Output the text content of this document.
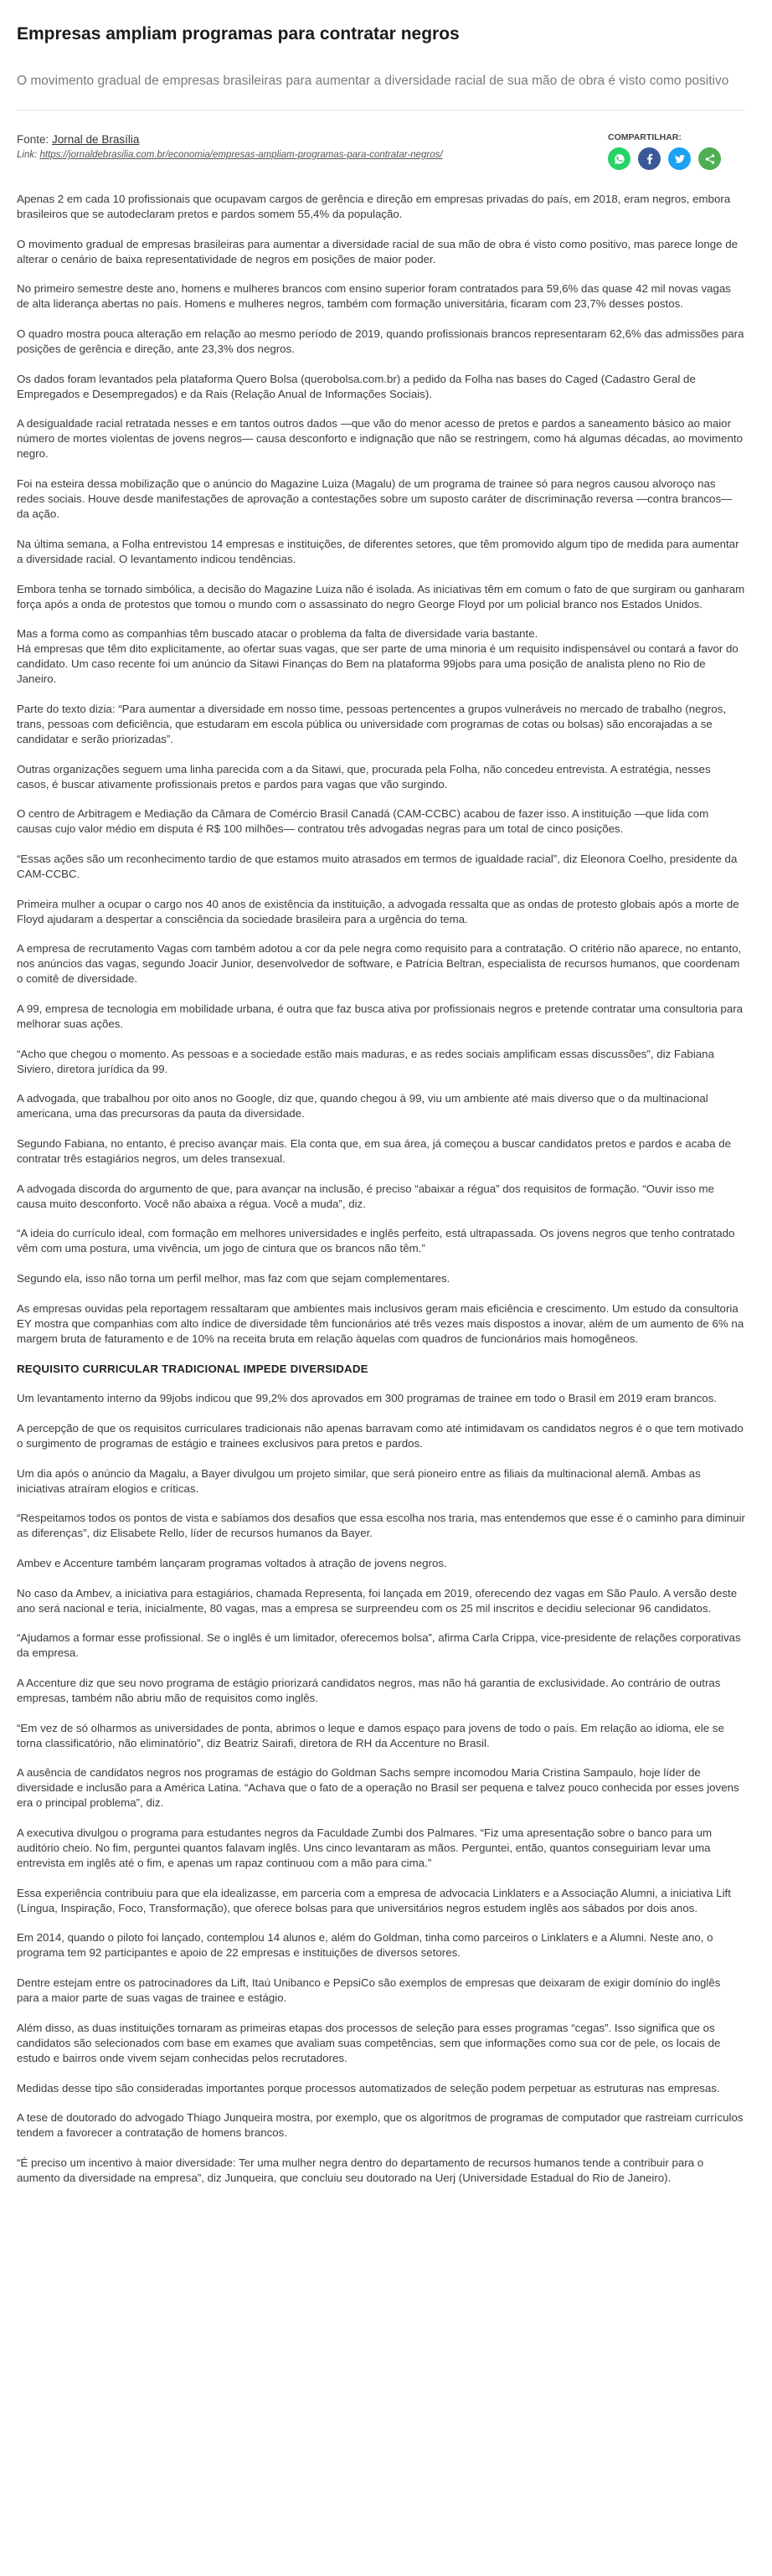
Empresas ampliam programas para contratar negros
O movimento gradual de empresas brasileiras para aumentar a diversidade racial de sua mão de obra é visto como positivo
Fonte: Jornal de Brasília
Link: https://jornaldebrasilia.com.br/economia/empresas-ampliam-programas-para-contratar-negros/
COMPARTILHAR:

Apenas 2 em cada 10 profissionais que ocupavam cargos de gerência e direção em empresas privadas do país, em 2018, eram negros, embora brasileiros que se autodeclaram pretos e pardos somem 55,4% da população.

O movimento gradual de empresas brasileiras para aumentar a diversidade racial de sua mão de obra é visto como positivo, mas parece longe de alterar o cenário de baixa representatividade de negros em posições de maior poder.

No primeiro semestre deste ano, homens e mulheres brancos com ensino superior foram contratados para 59,6% das quase 42 mil novas vagas de alta liderança abertas no país. Homens e mulheres negros, também com formação universitária, ficaram com 23,7% desses postos.

O quadro mostra pouca alteração em relação ao mesmo período de 2019, quando profissionais brancos representaram 62,6% das admissões para posições de gerência e direção, ante 23,3% dos negros.

Os dados foram levantados pela plataforma Quero Bolsa (querobolsa.com.br) a pedido da Folha nas bases do Caged (Cadastro Geral de Empregados e Desempregados) e da Rais (Relação Anual de Informações Sociais).

A desigualdade racial retratada nesses e em tantos outros dados —que vão do menor acesso de pretos e pardos a saneamento básico ao maior número de mortes violentas de jovens negros— causa desconforto e indignação que não se restringem, como há algumas décadas, ao movimento negro.

Foi na esteira dessa mobilização que o anúncio do Magazine Luiza (Magalu) de um programa de trainee só para negros causou alvoroço nas redes sociais. Houve desde manifestações de aprovação a contestações sobre um suposto caráter de discriminação reversa —contra brancos— da ação.

Na última semana, a Folha entrevistou 14 empresas e instituições, de diferentes setores, que têm promovido algum tipo de medida para aumentar a diversidade racial. O levantamento indicou tendências.

Embora tenha se tornado simbólica, a decisão do Magazine Luiza não é isolada. As iniciativas têm em comum o fato de que surgiram ou ganharam força após a onda de protestos que tomou o mundo com o assassinato do negro George Floyd por um policial branco nos Estados Unidos.

Mas a forma como as companhias têm buscado atacar o problema da falta de diversidade varia bastante.
Há empresas que têm dito explicitamente, ao ofertar suas vagas, que ser parte de uma minoria é um requisito indispensável ou contará a favor do candidato. Um caso recente foi um anúncio da Sitawi Finanças do Bem na plataforma 99jobs para uma posição de analista pleno no Rio de Janeiro.

Parte do texto dizia: “Para aumentar a diversidade em nosso time, pessoas pertencentes a grupos vulneráveis no mercado de trabalho (negros, trans, pessoas com deficiência, que estudaram em escola pública ou universidade com programas de cotas ou bolsas) são encorajadas a se candidatar e serão priorizadas”.

Outras organizações seguem uma linha parecida com a da Sitawi, que, procurada pela Folha, não concedeu entrevista. A estratégia, nesses casos, é buscar ativamente profissionais pretos e pardos para vagas que vão surgindo.

O centro de Arbitragem e Mediação da Câmara de Comércio Brasil Canadá (CAM-CCBC) acabou de fazer isso. A instituição —que lida com causas cujo valor médio em disputa é R$ 100 milhões— contratou três advogadas negras para um total de cinco posições.

“Essas ações são um reconhecimento tardio de que estamos muito atrasados em termos de igualdade racial”, diz Eleonora Coelho, presidente da CAM-CCBC.

Primeira mulher a ocupar o cargo nos 40 anos de existência da instituição, a advogada ressalta que as ondas de protesto globais após a morte de Floyd ajudaram a despertar a consciência da sociedade brasileira para a urgência do tema.

A empresa de recrutamento Vagas com também adotou a cor da pele negra como requisito para a contratação. O critério não aparece, no entanto, nos anúncios das vagas, segundo Joacir Junior, desenvolvedor de software, e Patrícia Beltran, especialista de recursos humanos, que coordenam o comitê de diversidade.

A 99, empresa de tecnologia em mobilidade urbana, é outra que faz busca ativa por profissionais negros e pretende contratar uma consultoria para melhorar suas ações.

“Acho que chegou o momento. As pessoas e a sociedade estão mais maduras, e as redes sociais amplificam essas discussões”, diz Fabiana Siviero, diretora jurídica da 99.

A advogada, que trabalhou por oito anos no Google, diz que, quando chegou à 99, viu um ambiente até mais diverso que o da multinacional americana, uma das precursoras da pauta da diversidade.

Segundo Fabiana, no entanto, é preciso avançar mais. Ela conta que, em sua área, já começou a buscar candidatos pretos e pardos e acaba de contratar três estagiários negros, um deles transexual.

A advogada discorda do argumento de que, para avançar na inclusão, é preciso “abaixar a régua” dos requisitos de formação. “Ouvir isso me causa muito desconforto. Você não abaixa a régua. Você a muda”, diz.

“A ideia do currículo ideal, com formação em melhores universidades e inglês perfeito, está ultrapassada. Os jovens negros que tenho contratado vêm com uma postura, uma vivência, um jogo de cintura que os brancos não têm.”

Segundo ela, isso não torna um perfil melhor, mas faz com que sejam complementares.

As empresas ouvidas pela reportagem ressaltaram que ambientes mais inclusivos geram mais eficiência e crescimento. Um estudo da consultoria EY mostra que companhias com alto índice de diversidade têm funcionários até três vezes mais dispostos a inovar, além de um aumento de 6% na margem bruta de faturamento e de 10% na receita bruta em relação àquelas com quadros de funcionários mais homogêneos.

REQUISITO CURRICULAR TRADICIONAL IMPEDE DIVERSIDADE

Um levantamento interno da 99jobs indicou que 99,2% dos aprovados em 300 programas de trainee em todo o Brasil em 2019 eram brancos.

A percepção de que os requisitos curriculares tradicionais não apenas barravam como até intimidavam os candidatos negros é o que tem motivado o surgimento de programas de estágio e trainees exclusivos para pretos e pardos.

Um dia após o anúncio da Magalu, a Bayer divulgou um projeto similar, que será pioneiro entre as filiais da multinacional alemã. Ambas as iniciativas atraíram elogios e críticas.

“Respeitamos todos os pontos de vista e sabíamos dos desafios que essa escolha nos traria, mas entendemos que esse é o caminho para diminuir as diferenças”, diz Elisabete Rello, líder de recursos humanos da Bayer.

Ambev e Accenture também lançaram programas voltados à atração de jovens negros.

No caso da Ambev, a iniciativa para estagiários, chamada Representa, foi lançada em 2019, oferecendo dez vagas em São Paulo. A versão deste ano será nacional e teria, inicialmente, 80 vagas, mas a empresa se surpreendeu com os 25 mil inscritos e decidiu selecionar 96 candidatos.

“Ajudamos a formar esse profissional. Se o inglês é um limitador, oferecemos bolsa”, afirma Carla Crippa, vice-presidente de relações corporativas da empresa.

A Accenture diz que seu novo programa de estágio priorizará candidatos negros, mas não há garantia de exclusividade. Ao contrário de outras empresas, também não abriu mão de requisitos como inglês.

“Em vez de só olharmos as universidades de ponta, abrimos o leque e damos espaço para jovens de todo o país. Em relação ao idioma, ele se torna classificatório, não eliminatório”, diz Beatriz Sairafi, diretora de RH da Accenture no Brasil.

A ausência de candidatos negros nos programas de estágio do Goldman Sachs sempre incomodou Maria Cristina Sampaulo, hoje líder de diversidade e inclusão para a América Latina. “Achava que o fato de a operação no Brasil ser pequena e talvez pouco conhecida por esses jovens era o principal problema”, diz.

A executiva divulgou o programa para estudantes negros da Faculdade Zumbi dos Palmares. “Fiz uma apresentação sobre o banco para um auditório cheio. No fim, perguntei quantos falavam inglês. Uns cinco levantaram as mãos. Perguntei, então, quantos conseguiriam levar uma entrevista em inglês até o fim, e apenas um rapaz continuou com a mão para cima.”

Essa experiência contribuiu para que ela idealizasse, em parceria com a empresa de advocacia Linklaters e a Associação Alumni, a iniciativa Lift (Língua, Inspiração, Foco, Transformação), que oferece bolsas para que universitários negros estudem inglês aos sábados por dois anos.

Em 2014, quando o piloto foi lançado, contemplou 14 alunos e, além do Goldman, tinha como parceiros o Linklaters e a Alumni. Neste ano, o programa tem 92 participantes e apoio de 22 empresas e instituições de diversos setores.

Dentre estejam entre os patrocinadores da Lift, Itaú Unibanco e PepsiCo são exemplos de empresas que deixaram de exigir domínio do inglês para a maior parte de suas vagas de trainee e estágio.

Além disso, as duas instituições tornaram as primeiras etapas dos processos de seleção para esses programas “cegas”. Isso significa que os candidatos são selecionados com base em exames que avaliam suas competências, sem que informações como sua cor de pele, os locais de estudo e bairros onde vivem sejam conhecidas pelos recrutadores.

Medidas desse tipo são consideradas importantes porque processos automatizados de seleção podem perpetuar as estruturas nas empresas.

A tese de doutorado do advogado Thiago Junqueira mostra, por exemplo, que os algoritmos de programas de computador que rastreiam currículos tendem a favorecer a contratação de homens brancos.

“É preciso um incentivo à maior diversidade: Ter uma mulher negra dentro do departamento de recursos humanos tende a contribuir para o aumento da diversidade na empresa”, diz Junqueira, que concluiu seu doutorado na Uerj (Universidade Estadual do Rio de Janeiro).
